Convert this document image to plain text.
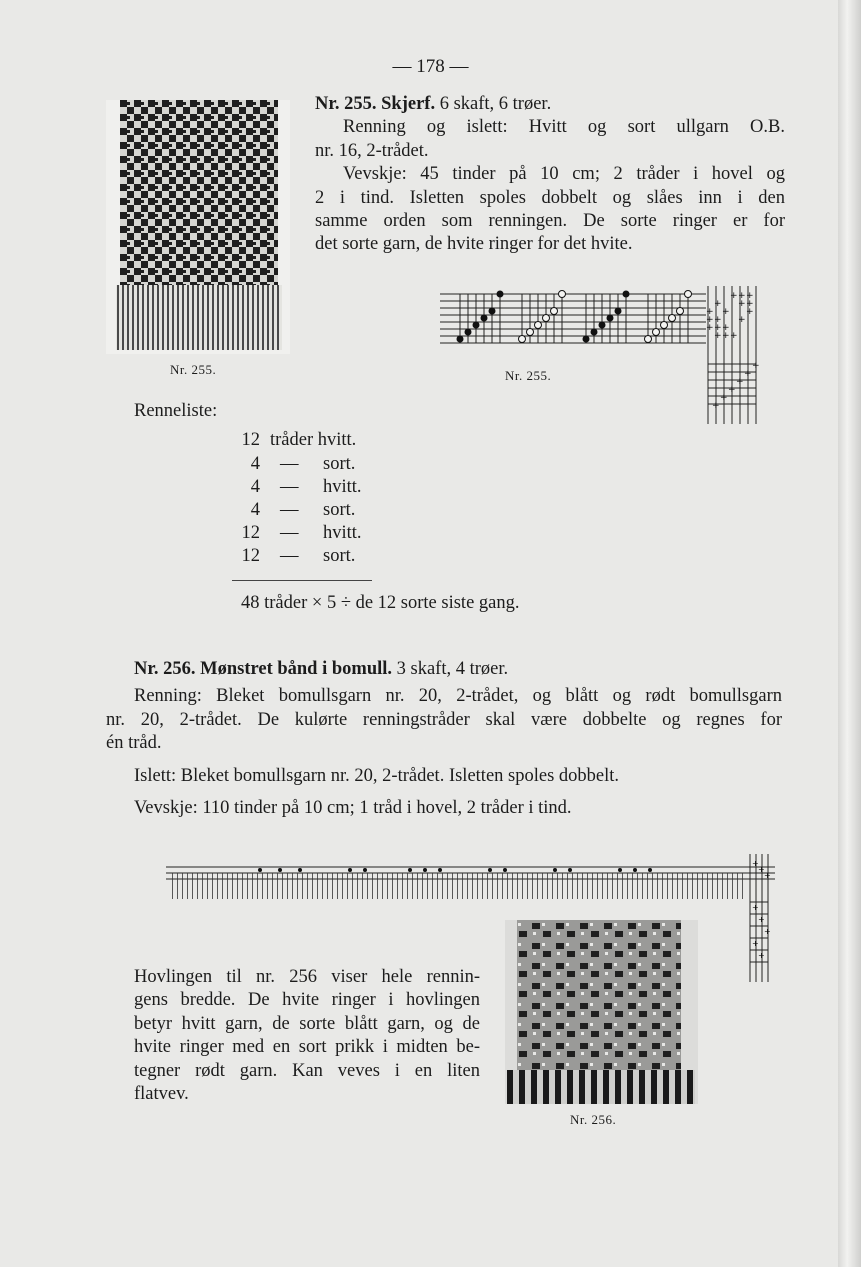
— 178 —
Nr. 255.

Nr. 255. Skjerf. 6 skaft, 6 trøer.

Renning og islett: Hvitt og sort ullgarn O.B.

nr. 16, 2-trådet.

Vevskje: 45 tinder på 10 cm; 2 tråder i hovel og

2 i tind. Isletten spoles dobbelt og slåes inn i den

samme orden som renningen. De sorte ringer er for

det sorte garn, de hvite ringer for det hvite.

+ + +
+ + +
+ + +
+ + +
+ + +
+ + +
+
+
+
+
+
+
Nr. 255.
Renneliste:
12 tråder hvitt.
4 — sort.
4 — hvitt.
4 — sort.
12 — hvitt.
12 — sort.
48 tråder × 5 ÷ de 12 sorte siste gang.

Nr. 256. Mønstret bånd i bomull. 3 skaft, 4 trøer.

Renning: Bleket bomullsgarn nr. 20, 2-trådet, og blått og rødt bomullsgarn

nr. 20, 2-trådet. De kulørte renningstråder skal være dobbelte og regnes for

én tråd.

Islett: Bleket bomullsgarn nr. 20, 2-trådet. Isletten spoles dobbelt.

Vevskje: 110 tinder på 10 cm; 1 tråd i hovel, 2 tråder i tind.

+
+
+
+
+
+
+
+

Hovlingen til nr. 256 viser hele rennin-

gens bredde. De hvite ringer i hovlingen

betyr hvitt garn, de sorte blått garn, og de

hvite ringer med en sort prikk i midten be-

tegner rødt garn. Kan veves i en liten

flatvev.

Nr. 256.
